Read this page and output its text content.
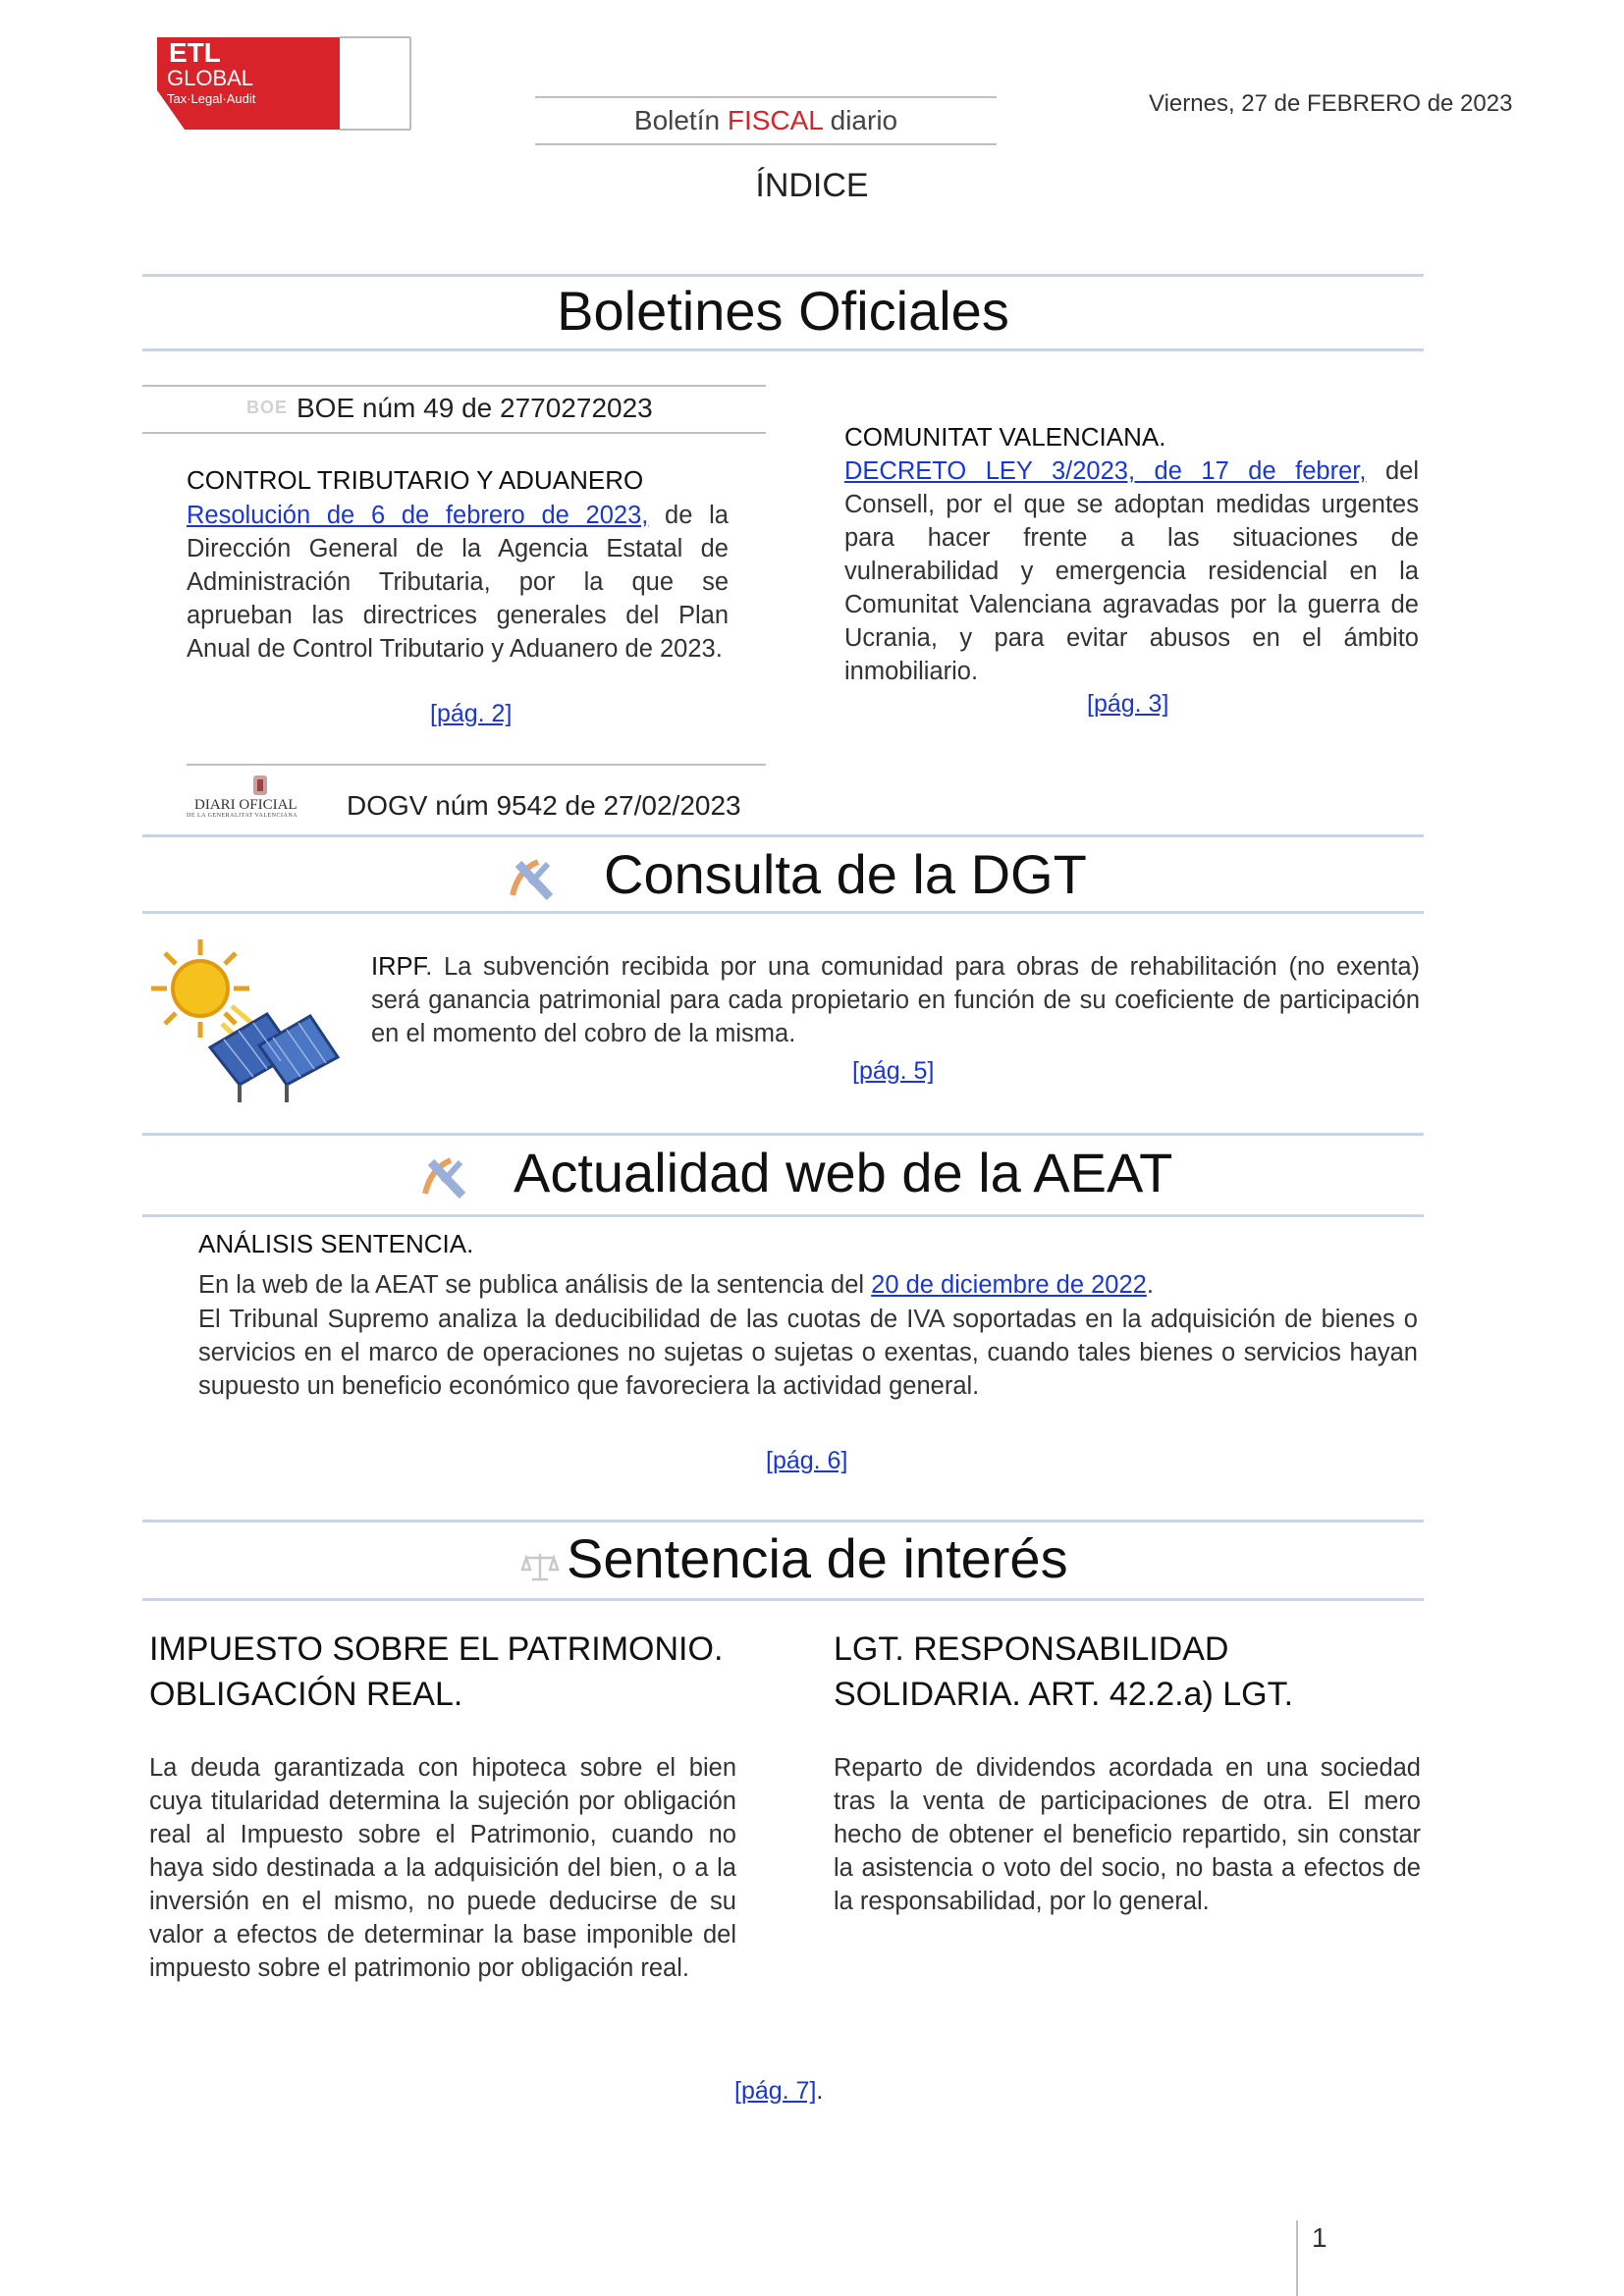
ETL
GLOBAL
Tax·Legal·Audit
Boletín FISCAL diario
Viernes, 27 de FEBRERO de 2023
ÍNDICE
Boletines Oficiales
BOE BOE núm 49 de 2770272023
CONTROL TRIBUTARIO Y ADUANERO
Resolución de 6 de febrero de 2023, de la Dirección General de la Agencia Estatal de Administración Tributaria, por la que se aprueban las directrices generales del Plan Anual de Control Tributario y Aduanero de 2023.
[pág. 2]
DIARI OFICIAL
DE LA GENERALITAT VALENCIANA DOGV núm 9542 de 27/02/2023
COMUNITAT VALENCIANA.
DECRETO LEY 3/2023, de 17 de febrer, del Consell, por el que se adoptan medidas urgentes para hacer frente a las situaciones de vulnerabilidad y emergencia residencial en la Comunitat Valenciana agravadas por la guerra de Ucrania, y para evitar abusos en el ámbito inmobiliario.
[pág. 3]
Consulta de la DGT
IRPF. La subvención recibida por una comunidad para obras de rehabilitación (no exenta) será ganancia patrimonial para cada propietario en función de su coeficiente de participación en el momento del cobro de la misma.
[pág. 5]
Actualidad web de la AEAT
ANÁLISIS SENTENCIA.
En la web de la AEAT se publica análisis de la sentencia del 20 de diciembre de 2022.
El Tribunal Supremo analiza la deducibilidad de las cuotas de IVA soportadas en la adquisición de bienes o servicios en el marco de operaciones no sujetas o sujetas o exentas, cuando tales bienes o servicios hayan supuesto un beneficio económico que favoreciera la actividad general.
[pág. 6]
Sentencia de interés
IMPUESTO SOBRE EL PATRIMONIO. OBLIGACIÓN REAL.
La deuda garantizada con hipoteca sobre el bien cuya titularidad determina la sujeción por obligación real al Impuesto sobre el Patrimonio, cuando no haya sido destinada a la adquisición del bien, o a la inversión en el mismo, no puede deducirse de su valor a efectos de determinar la base imponible del impuesto sobre el patrimonio por obligación real.
LGT. RESPONSABILIDAD SOLIDARIA. ART. 42.2.a) LGT.
Reparto de dividendos acordada en una sociedad tras la venta de participaciones de otra. El mero hecho de obtener el beneficio repartido, sin constar la asistencia o voto del socio, no basta a efectos de la responsabilidad, por lo general.
[pág. 7].
1
